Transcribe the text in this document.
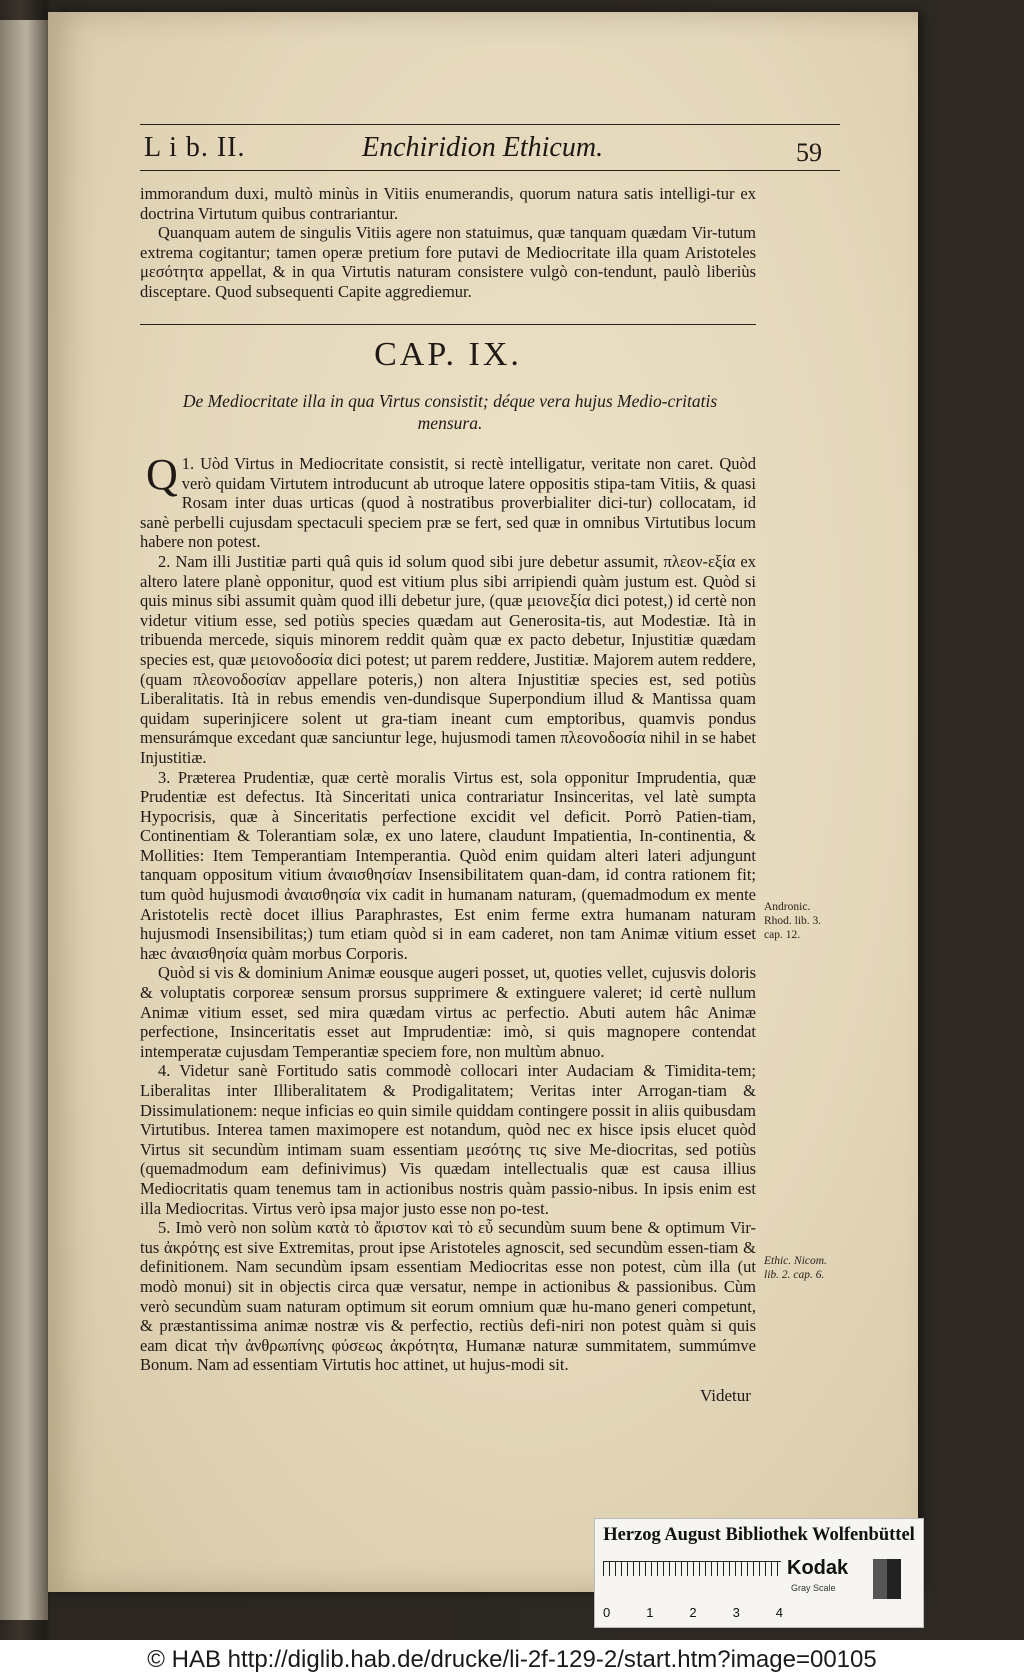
L i b. II.	Enchiridion Ethicum.	59

immorandum duxi, multò minùs in Vitiis enumerandis, quorum natura satis intelligi-tur ex doctrina Virtutum quibus contrariantur.

Quanquam autem de singulis Vitiis agere non statuimus, quæ tanquam quædam Vir-tutum extrema cogitantur; tamen operæ pretium fore putavi de Mediocritate illa quam Aristoteles μεσότητα appellat, & in qua Virtutis naturam consistere vulgò con-tendunt, paulò liberiùs disceptare. Quod subsequenti Capite aggrediemur.

CAP. IX.
De Mediocritate illa in qua Virtus consistit; déque vera hujus Medio-critatis mensura.

Q 1. Uòd Virtus in Mediocritate consistit, si rectè intelligatur, veritate non caret. Quòd verò quidam Virtutem introducunt ab utroque latere oppositis stipa-tam Vitiis, & quasi Rosam inter duas urticas (quod à nostratibus proverbialiter dici-tur) collocatam, id sanè perbelli cujusdam spectaculi speciem præ se fert, sed quæ in omnibus Virtutibus locum habere non potest.

2. Nam illi Justitiæ parti quâ quis id solum quod sibi jure debetur assumit, πλεον-εξία ex altero latere planè opponitur, quod est vitium plus sibi arripiendi quàm justum est. Quòd si quis minus sibi assumit quàm quod illi debetur jure, (quæ μειονεξία dici potest,) id certè non videtur vitium esse, sed potiùs species quædam aut Generosita-tis, aut Modestiæ. Ità in tribuenda mercede, siquis minorem reddit quàm quæ ex pacto debetur, Injustitiæ quædam species est, quæ μειονοδοσία dici potest; ut parem reddere, Justitiæ. Majorem autem reddere, (quam πλεονοδοσίαν appellare poteris,) non altera Injustitiæ species est, sed potiùs Liberalitatis. Ità in rebus emendis ven-dundisque Superpondium illud & Mantissa quam quidam superinjicere solent ut gra-tiam ineant cum emptoribus, quamvis pondus mensurámque excedant quæ sanciuntur lege, hujusmodi tamen πλεονοδοσία nihil in se habet Injustitiæ.

3. Præterea Prudentiæ, quæ certè moralis Virtus est, sola opponitur Imprudentia, quæ Prudentiæ est defectus. Ità Sinceritati unica contrariatur Insinceritas, vel latè sumpta Hypocrisis, quæ à Sinceritatis perfectione excidit vel deficit. Porrò Patien-tiam, Continentiam & Tolerantiam solæ, ex uno latere, claudunt Impatientia, In-continentia, & Mollities: Item Temperantiam Intemperantia. Quòd enim quidam alteri lateri adjungunt tanquam oppositum vitium ἀναισθησίαν Insensibilitatem quan-dam, id contra rationem fit; tum quòd hujusmodi ἀναισθησία vix cadit in humanam naturam, (quemadmodum ex mente Aristotelis rectè docet illius Paraphrastes, Est enim ferme extra humanam naturam hujusmodi Insensibilitas;) tum etiam quòd si in eam caderet, non tam Animæ vitium esset hæc ἀναισθησία quàm morbus Corporis.

Quòd si vis & dominium Animæ eousque augeri posset, ut, quoties vellet, cujusvis doloris & voluptatis corporeæ sensum prorsus supprimere & extinguere valeret; id certè nullum Animæ vitium esset, sed mira quædam virtus ac perfectio. Abuti autem hâc Animæ perfectione, Insinceritatis esset aut Imprudentiæ: imò, si quis magnopere contendat intemperatæ cujusdam Temperantiæ speciem fore, non multùm abnuo.

4. Videtur sanè Fortitudo satis commodè collocari inter Audaciam & Timidita-tem; Liberalitas inter Illiberalitatem & Prodigalitatem; Veritas inter Arrogan-tiam & Dissimulationem: neque inficias eo quin simile quiddam contingere possit in aliis quibusdam Virtutibus. Interea tamen maximopere est notandum, quòd nec ex hisce ipsis elucet quòd Virtus sit secundùm intimam suam essentiam μεσότης τις sive Me-diocritas, sed potiùs (quemadmodum eam definivimus) Vis quædam intellectualis quæ est causa illius Mediocritatis quam tenemus tam in actionibus nostris quàm passio-nibus. In ipsis enim est illa Mediocritas. Virtus verò ipsa major justo esse non po-test.

5. Imò verò non solùm κατὰ τὸ ἄριστον καὶ τὸ εὖ secundùm suum bene & optimum Vir-tus ἀκρότης est sive Extremitas, prout ipse Aristoteles agnoscit, sed secundùm essen-tiam & definitionem. Nam secundùm ipsam essentiam Mediocritas esse non potest, cùm illa (ut modò monui) sit in objectis circa quæ versatur, nempe in actionibus & passionibus. Cùm verò secundùm suam naturam optimum sit eorum omnium quæ hu-mano generi competunt, & præstantissima animæ nostræ vis & perfectio, rectiùs defi-niri non potest quàm si quis eam dicat τὴν ἀνθρωπίνης φύσεως ἀκρότητα, Humanæ naturæ summitatem, summúmve Bonum. Nam ad essentiam Virtutis hoc attinet, ut hujus-modi sit.

Andronic. Rhod. lib. 3. cap. 12.
Ethic. Nicom. lib. 2. cap. 6.
Videtur
Herzog August Bibliothek Wolfenbüttel
0	1	2	3	4
Kodak
Gray Scale
© HAB http://diglib.hab.de/drucke/li-2f-129-2/start.htm?image=00105
